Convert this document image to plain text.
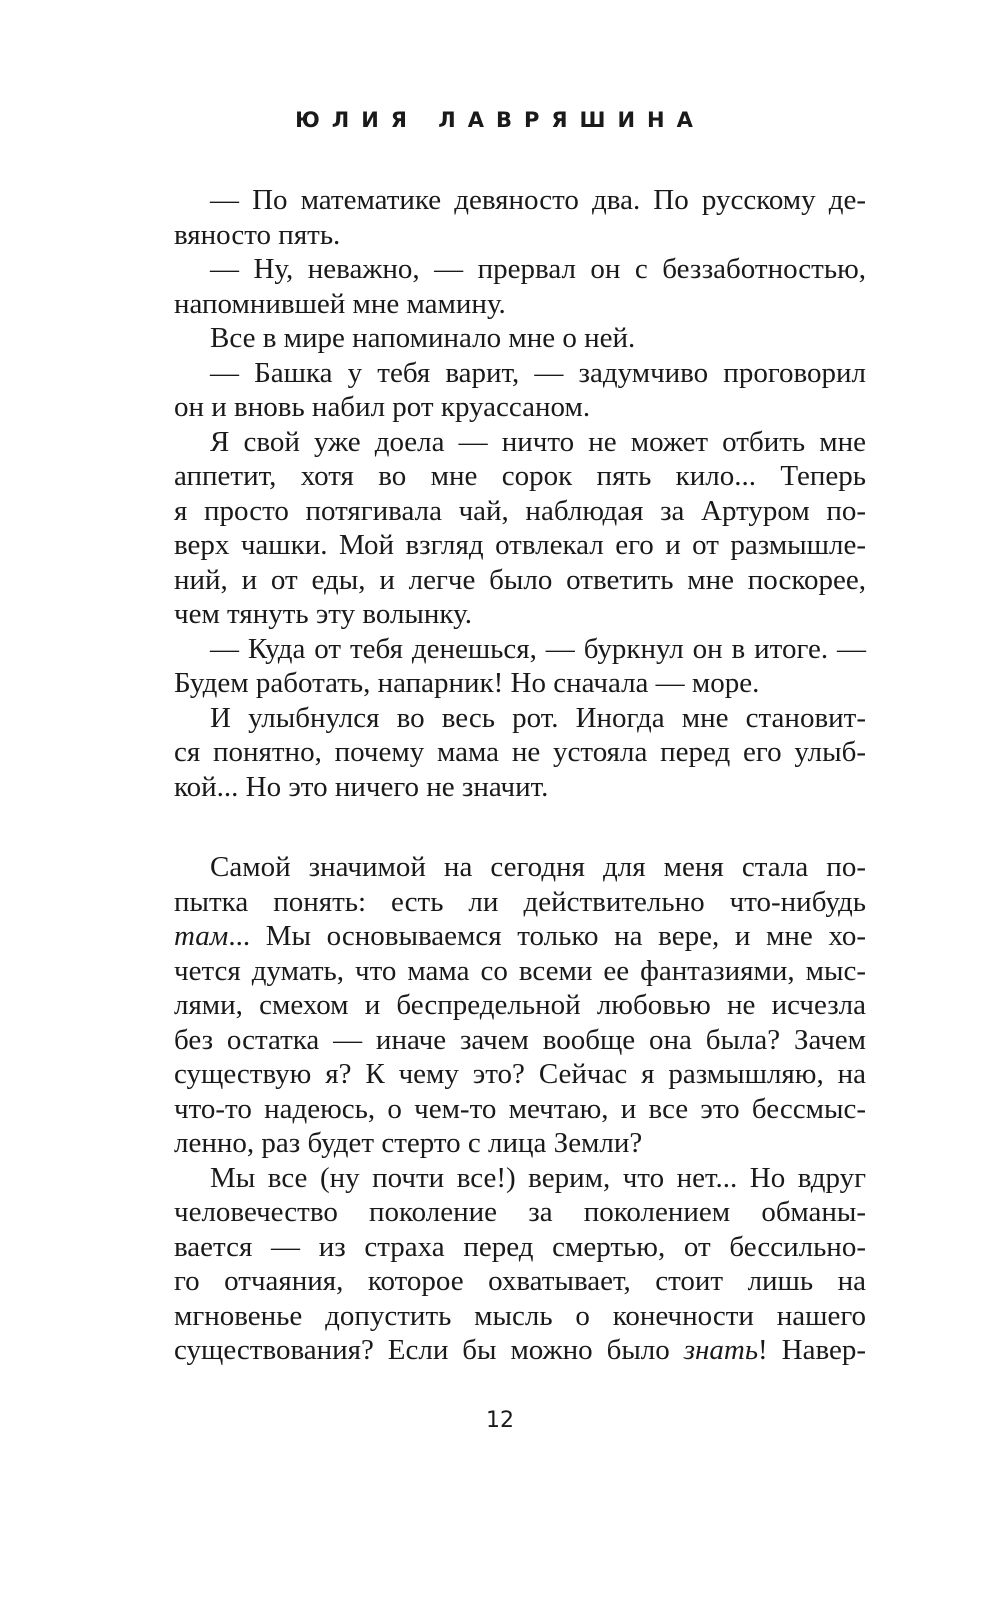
ЮЛИЯ ЛАВРЯШИНА
— По математике девяносто два. По русскому де-
вяносто пять.
— Ну, неважно, — прервал он с беззаботностью,
напомнившей мне мамину.
Все в мире напоминало мне о ней.
— Башка у тебя варит, — задумчиво проговорил
он и вновь набил рот круассаном.
Я свой уже доела — ничто не может отбить мне
аппетит, хотя во мне сорок пять кило... Теперь
я просто потягивала чай, наблюдая за Артуром по-
верх чашки. Мой взгляд отвлекал его и от размышле-
ний, и от еды, и легче было ответить мне поскорее,
чем тянуть эту волынку.
— Куда от тебя денешься, — буркнул он в итоге. —
Будем работать, напарник! Но сначала — море.
И улыбнулся во весь рот. Иногда мне становит-
ся понятно, почему мама не устояла перед его улыб-
кой... Но это ничего не значит.
Самой значимой на сегодня для меня стала по-
пытка понять: есть ли действительно что-нибудь
там... Мы основываемся только на вере, и мне хо-
чется думать, что мама со всеми ее фантазиями, мыс-
лями, смехом и беспредельной любовью не исчезла
без остатка — иначе зачем вообще она была? Зачем
существую я? К чему это? Сейчас я размышляю, на
что-то надеюсь, о чем-то мечтаю, и все это бессмыс-
ленно, раз будет стерто с лица Земли?
Мы все (ну почти все!) верим, что нет... Но вдруг
человечество поколение за поколением обманы-
вается — из страха перед смертью, от бессильно-
го отчаяния, которое охватывает, стоит лишь на
мгновенье допустить мысль о конечности нашего
существования? Если бы можно было знать! Навер-
12
